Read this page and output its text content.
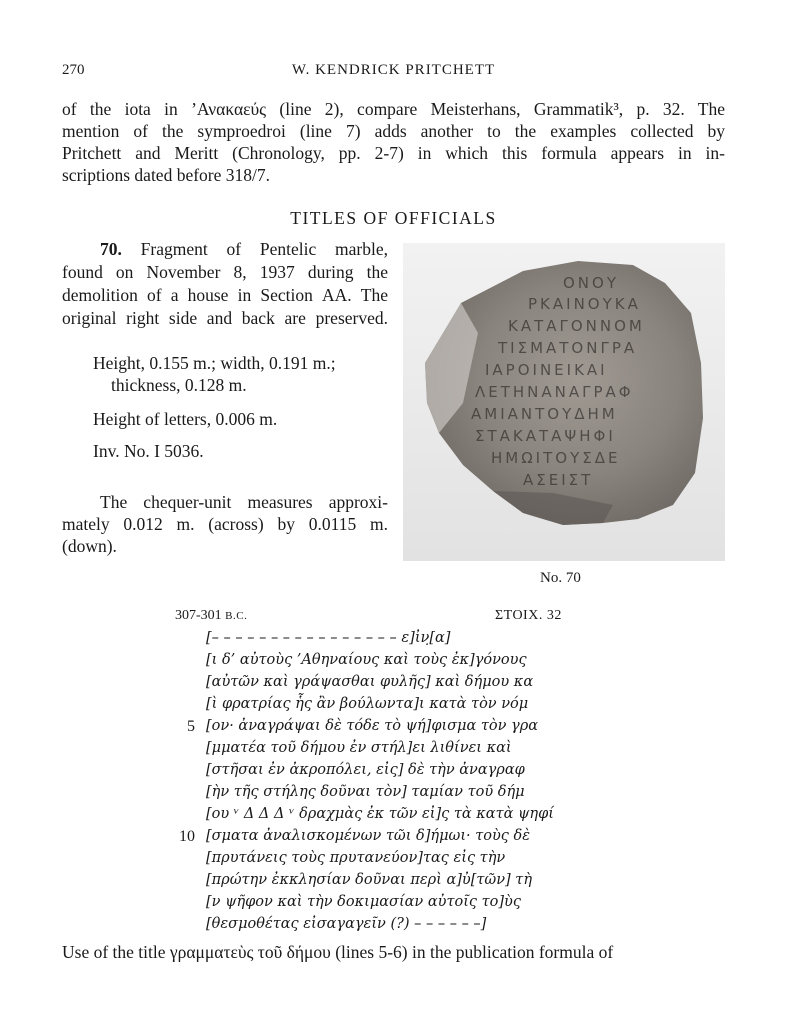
270	W. KENDRICK PRITCHETT
of the iota in ’Ανακαεύς (line 2), compare Meisterhans, Grammatik³, p. 32. The
mention of the symproedroi (line 7) adds another to the examples collected by
Pritchett and Meritt (Chronology, pp. 2-7) in which this formula appears in in-
scriptions dated before 318/7.
TITLES OF OFFICIALS
70. Fragment of Pentelic marble,
found on November 8, 1937 during the
demolition of a house in Section ΑΑ. The
original right side and back are preserved.
Height, 0.155 m.; width, 0.191 m.;
thickness, 0.128 m.
Height of letters, 0.006 m.
Inv. No. I 5036.
The chequer-unit measures approxi-
mately 0.012 m. (across) by 0.0115 m.
(down).
ΟΝΟΥ
ΡΚΑΙΝΟΥΚΑ
ΚΑΤΑΓΟΝΝΟΜ
ΤΙΣΜΑΤΟΝΓΡΑ
ΙΑΡΟΙΝΕΙΚΑΙ
ΛΕΤΗΝΑΝΑΓΡΑΦ
ΑΜΙΑΝΤΟΥΔΗΜ
ΣΤΑΚΑΤΑΨΗΦΙ
ΗΜΩΙΤΟΥΣΔΕ
ΑΣΕΙΣΤ
No. 70
307-301 B.C.	ΣΤΟΙΧ. 32
[– – – – – – – – – – – – – – – – ε]ἰν̣[α]
[ι δ’ αὐτοὺς ’Αθηναίους καὶ τοὺς ἐκ]γόνους
[αὐτῶν καὶ γράψασθαι φυλῆς] καὶ δήμου κα
[ὶ φρατρίας ἧς ἂν βούλωντα]ι κατὰ τὸν νόμ
5 [ον· ἀναγράψαι δὲ τόδε τὸ ψή]φισμα τὸν γρα
[μματέα τοῦ δήμου ἐν στήλ]ει λιθίνει καὶ
[στῆσαι ἐν ἀκροπόλει, εἰς] δὲ τὴν ἀναγραφ
[ὴν τῆς στήλης δοῦναι τὸν] ταμίαν τοῦ δήμ
[ου ᵛ Δ Δ Δ ᵛ δραχμὰς ἐκ τῶν εἰ]ς τὰ κατὰ ψηφί
10 [σματα ἀναλισκομένων τῶι δ]ήμωι· τοὺς δὲ
[πρυτάνεις τοὺς πρυτανεύον]τας εἰς τὴν
[πρώτην ἐκκλησίαν δοῦναι περὶ α]ὐ[τῶν] τὴ
[ν ψῆφον καὶ τὴν δοκιμασίαν αὐτοῖς το]ὺς
[θεσμοθέτας εἰσαγαγεῖν (?) – – – – – –]
Use of the title γραμματεὺς τοῦ δήμου (lines 5-6) in the publication formula of
